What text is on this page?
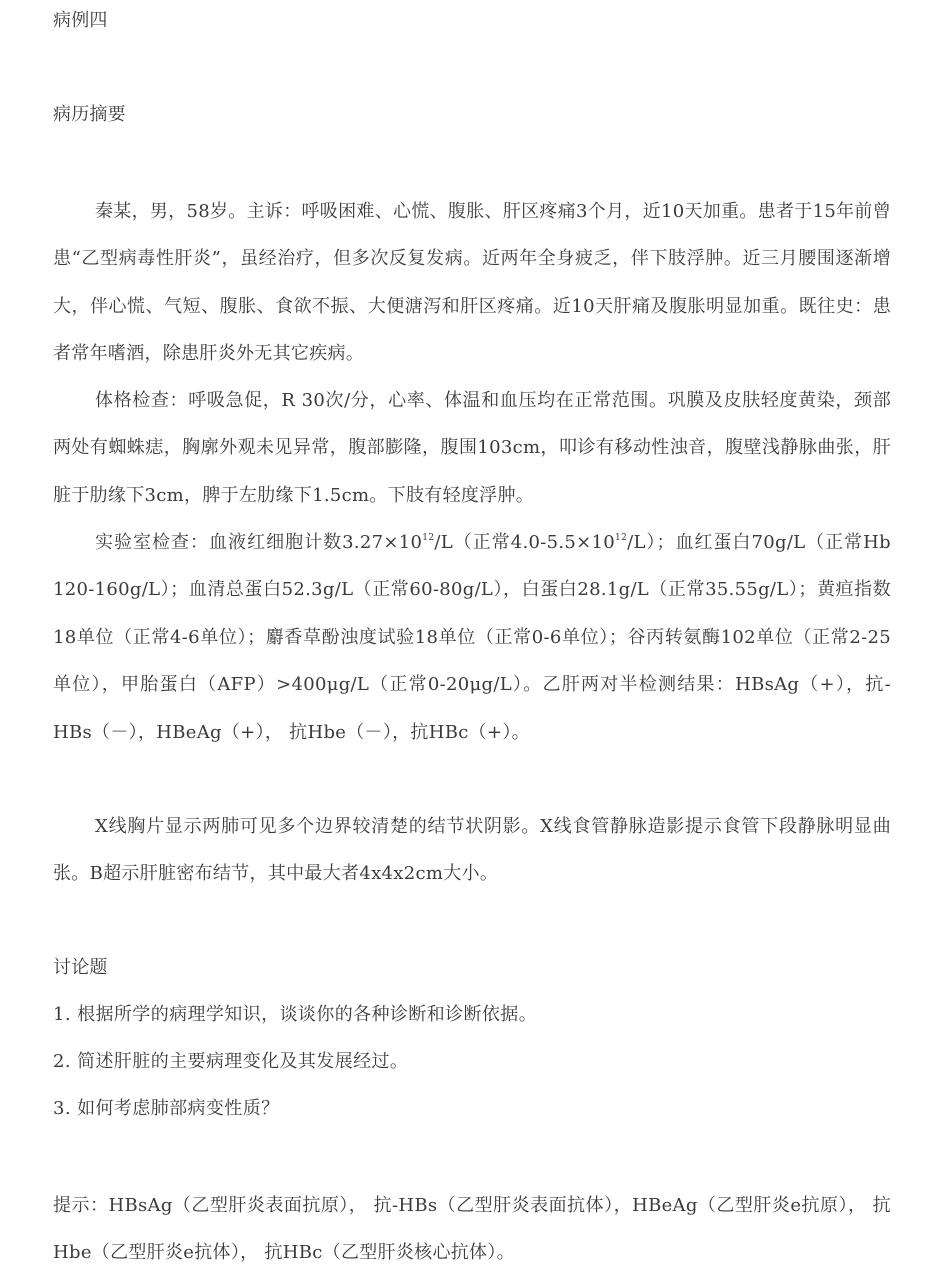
病例四
病历摘要

秦某，男，58岁。主诉：呼吸困难、心慌、腹胀、肝区疼痛3个月，近10天加重。患者于15年前曾患“乙型病毒性肝炎”，虽经治疗，但多次反复发病。近两年全身疲乏，伴下肢浮肿。近三月腰围逐渐增大，伴心慌、气短、腹胀、食欲不振、大便溏泻和肝区疼痛。近10天肝痛及腹胀明显加重。既往史：患者常年嗜酒，除患肝炎外无其它疾病。

体格检查：呼吸急促，R 30次/分，心率、体温和血压均在正常范围。巩膜及皮肤轻度黄染，颈部两处有蜘蛛痣，胸廓外观未见异常，腹部膨隆，腹围103cm，叩诊有移动性浊音，腹壁浅静脉曲张，肝脏于肋缘下3cm，脾于左肋缘下1.5cm。下肢有轻度浮肿。

实验室检查：血液红细胞计数$3.27\times 10^{12}/L$（正常$4.0-5.5\times 10^{12}/L$）；血红蛋白70g/L（正常Hb 120-160g/L）；血清总蛋白52.3g/L（正常60-80g/L），白蛋白28.1g/L（正常35.55g/L）；黄疸指数18单位（正常4-6单位）；麝香草酚浊度试验18单位（正常0-6单位）；谷丙转氨酶102单位（正常2-25单位），甲胎蛋白（AFP）>400μg/L（正常0-20μg/L）。乙肝两对半检测结果：HBsAg（+），抗-HBs（－），HBeAg（+）， 抗Hbe（－），抗HBc（+）。

X线胸片显示两肺可见多个边界较清楚的结节状阴影。X线食管静脉造影提示食管下段静脉明显曲张。B超示肝脏密布结节，其中最大者4x4x2cm大小。

讨论题
1. 根据所学的病理学知识，谈谈你的各种诊断和诊断依据。
2. 简述肝脏的主要病理变化及其发展经过。
3. 如何考虑肺部病变性质？

提示：HBsAg（乙型肝炎表面抗原）， 抗-HBs（乙型肝炎表面抗体），HBeAg（乙型肝炎e抗原）， 抗Hbe（乙型肝炎e抗体）， 抗HBc（乙型肝炎核心抗体）。
